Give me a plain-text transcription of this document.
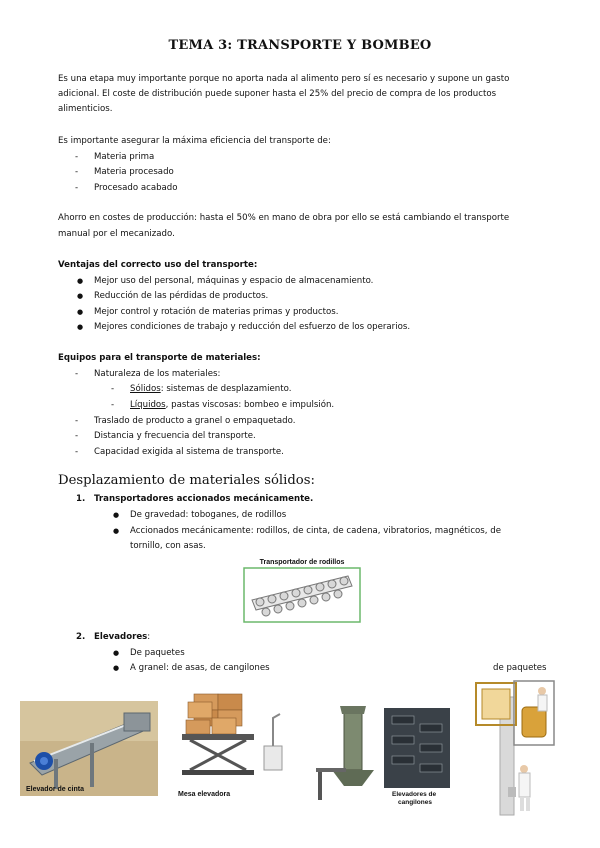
TEMA 3: TRANSPORTE Y BOMBEO
Es una etapa muy importante porque no aporta nada al alimento pero sí es necesario y supone un gasto
adicional. El coste de distribución puede suponer hasta el 25% del precio de compra de los productos
alimenticios.
Es importante asegurar la máxima eficiencia del transporte de:
- Materia prima
- Materia procesado
- Procesado acabado
Ahorro en costes de producción: hasta el 50% en mano de obra por ello se está cambiando el transporte
manual por el mecanizado.
Ventajas del correcto uso del transporte:
● Mejor uso del personal, máquinas y espacio de almacenamiento.
● Reducción de las pérdidas de productos.
● Mejor control y rotación de materias primas y productos.
● Mejores condiciones de trabajo y reducción del esfuerzo de los operarios.
Equipos para el transporte de materiales:
- Naturaleza de los materiales:
- Sólidos: sistemas de desplazamiento.
- Líquidos, pastas viscosas: bombeo e impulsión.
- Traslado de producto a granel o empaquetado.
- Distancia y frecuencia del transporte.
- Capacidad exigida al sistema de transporte.
Desplazamiento de materiales sólidos:
1. Transportadores accionados mecánicamente.
● De gravedad: toboganes, de rodillos
● Accionados mecánicamente: rodillos, de cinta, de cadena, vibratorios, magnéticos, de
tornillo, con asas.
Transportador de rodillos
2. Elevadores:
● De paquetes
● A granel: de asas, de cangilones	de paquetes
Elevador de cinta
Mesa elevadora	Elevadores de
cangilones
